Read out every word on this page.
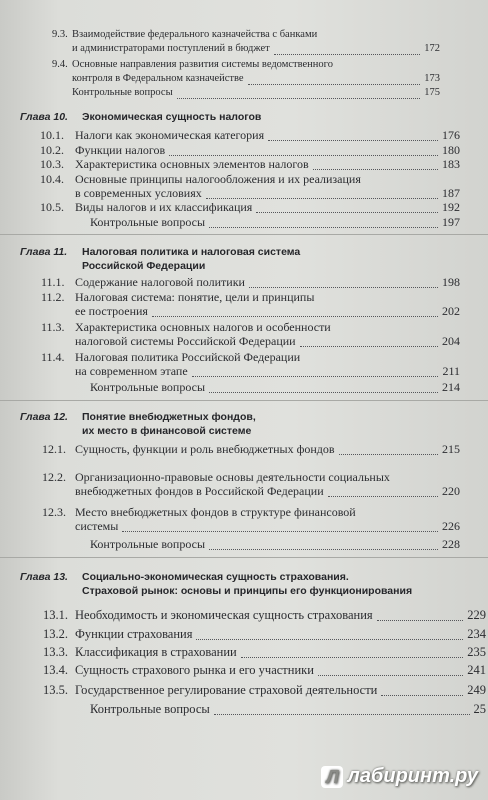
9.3. Взаимодействие федерального казначейства с банками
и администраторами поступлений в бюджет	172
9.4. Основные направления развития системы ведомственного
контроля в Федеральном казначействе	173
Контрольные вопросы	175
Глава 10. Экономическая сущность налогов
10.1. Налоги как экономическая категория	176
10.2. Функции налогов	180
10.3. Характеристика основных элементов налогов	183
10.4. Основные принципы налогообложения и их реализация
в современных условиях	187
10.5. Виды налогов и их классификация	192
Контрольные вопросы	197
Глава 11. Налоговая политика и налоговая система
Российской Федерации
11.1. Содержание налоговой политики	198
11.2. Налоговая система: понятие, цели и принципы
ее построения	202
11.3. Характеристика основных налогов и особенности
налоговой системы Российской Федерации	204
11.4. Налоговая политика Российской Федерации
на современном этапе	211
Контрольные вопросы	214
Глава 12. Понятие внебюджетных фондов,
их место в финансовой системе
12.1. Сущность, функции и роль внебюджетных фондов	215
12.2. Организационно-правовые основы деятельности социальных
внебюджетных фондов в Российской Федерации	220
12.3. Место внебюджетных фондов в структуре финансовой
системы	226
Контрольные вопросы	228
Глава 13. Социально-экономическая сущность страхования.
Страховой рынок: основы и принципы его функционирования
13.1. Необходимость и экономическая сущность страхования	229
13.2. Функции страхования	234
13.3. Классификация в страховании	235
13.4. Сущность страхового рынка и его участники	241
13.5. Государственное регулирование страховой деятельности	249
Контрольные вопросы	25
Л лабиринт.ру
